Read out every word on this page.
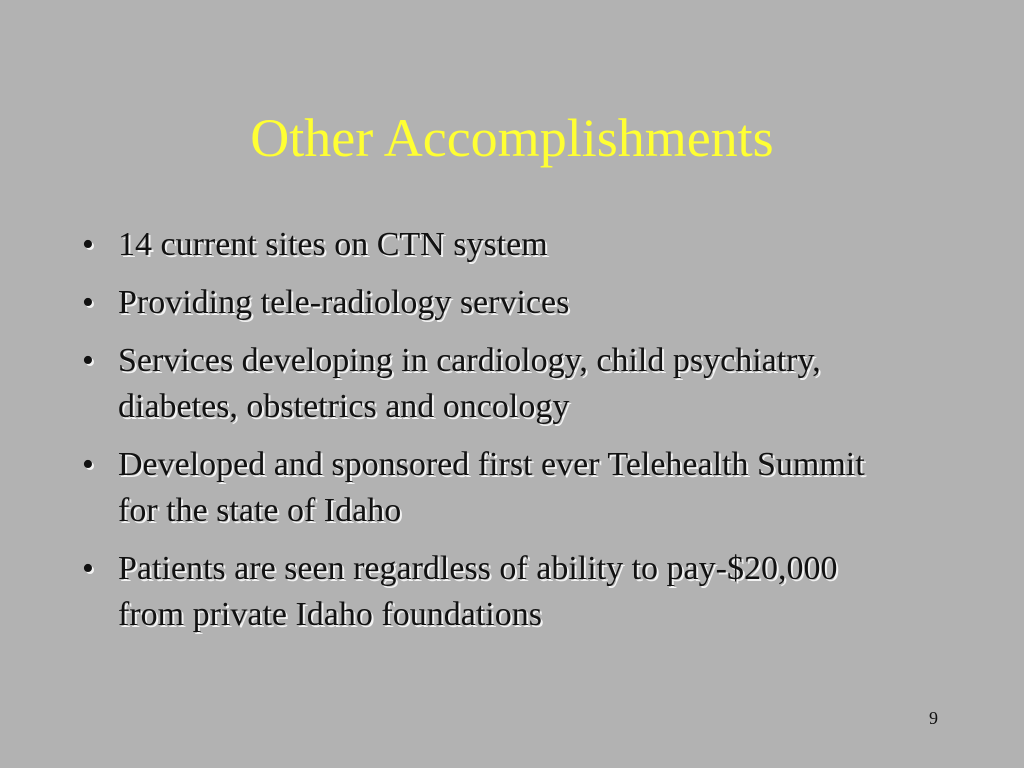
Other Accomplishments
• 14 current sites on CTN system
• Providing tele-radiology services
• Services developing in cardiology, child psychiatry, diabetes, obstetrics and oncology
• Developed and sponsored first ever Telehealth Summit for the state of Idaho
• Patients are seen regardless of ability to pay-$20,000 from private Idaho foundations

9
